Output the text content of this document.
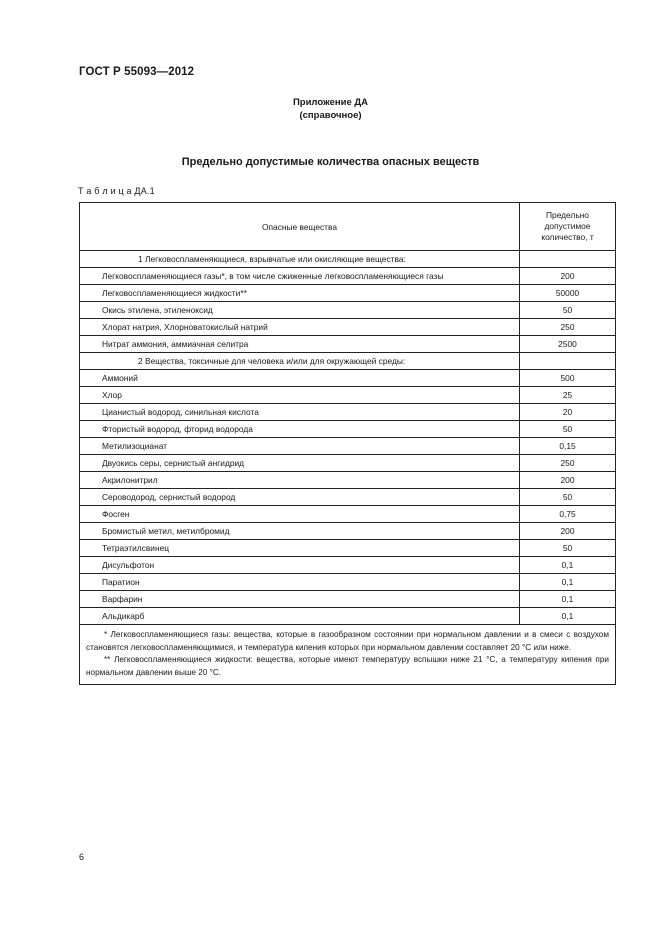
ГОСТ Р 55093—2012
Приложение ДА
(справочное)
Предельно допустимые количества опасных веществ
Т а б л и ц а ДА.1
Опасные вещества	Предельно
допустимое
количество, т

1 Легковоспламеняющиеся, взрывчатые или окисляющие вещества:	
Легковоспламеняющиеся газы*, в том числе сжиженные легковоспламеняющиеся газы	200
Легковоспламеняющиеся жидкости**	50000
Окись этилена, этиленоксид	50
Хлорат натрия, Хлорноватокислый натрий	250
Нитрат аммония, аммиачная селитра	2500
2 Вещества, токсичные для человека и/или для окружающей среды:	
Аммоний	500
Хлор	25
Цианистый водород, синильная кислота	20
Фтористый водород, фторид водорода	50
Метилизоцианат	0,15
Двуокись серы, сернистый ангидрид	250
Акрилонитрил	200
Сероводород, сернистый водород	50
Фосген	0,75
Бромистый метил, метилбромид	200
Тетраэтилсвинец	50
Дисульфотон	0,1
Паратион	0,1
Варфарин	0,1
Альдикарб	0,1

* Легковоспламеняющиеся газы: вещества, которые в газообразном состоянии при нормальном давлении и в смеси с воздухом становятся легковоспламеняющимися, и температура кипения которых при нормальном давлении составляет 20 °С или ниже.

** Легковоспламеняющиеся жидкости: вещества, которые имеют температуру вспышки ниже 21 °С, а температуру кипения при нормальном давлении выше 20 °С.	

6
